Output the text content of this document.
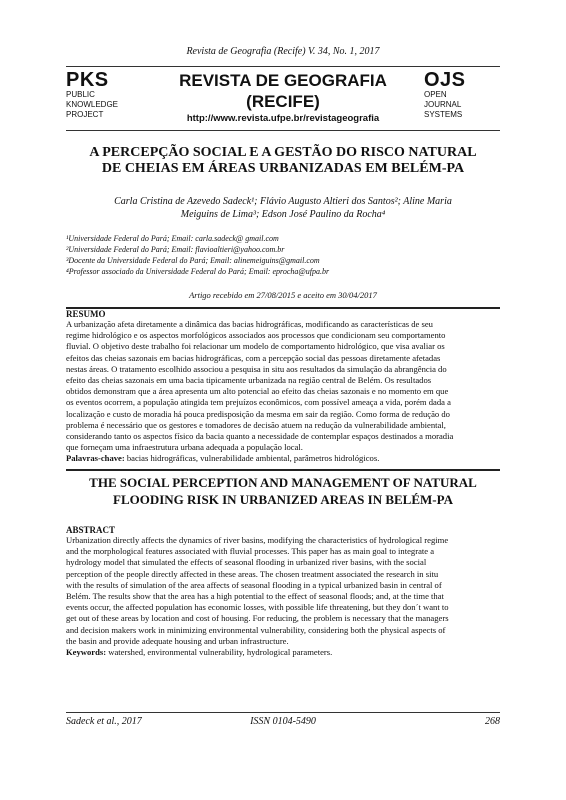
Revista de Geografia (Recife) V. 34, No. 1, 2017
PKS
PUBLIC
KNOWLEDGE
PROJECT
REVISTA DE GEOGRAFIA
(RECIFE)
http://www.revista.ufpe.br/revistageografia
OJS
OPEN
JOURNAL
SYSTEMS
A PERCEPÇÃO SOCIAL E A GESTÃO DO RISCO NATURAL
DE CHEIAS EM ÁREAS URBANIZADAS EM BELÉM-PA
Carla Cristina de Azevedo Sadeck¹; Flávio Augusto Altieri dos Santos²; Aline Maria
Meiguins de Lima³; Edson José Paulino da Rocha⁴
¹Universidade Federal do Pará; Email: carla.sadeck@ gmail.com
²Universidade Federal do Pará; Email: flavioaltieri@yahoo.com.br
³Docente da Universidade Federal do Pará; Email: alinemeiguins@gmail.com
⁴Professor associado da Universidade Federal do Pará; Email: eprocha@ufpa.br
Artigo recebido em 27/08/2015 e aceito em 30/04/2017
RESUMO
A urbanização afeta diretamente a dinâmica das bacias hidrográficas, modificando as características de seu
regime hidrológico e os aspectos morfológicos associados aos processos que condicionam seu comportamento
fluvial. O objetivo deste trabalho foi relacionar um modelo de comportamento hidrológico, que visa avaliar os
efeitos das cheias sazonais em bacias hidrográficas, com a percepção social das pessoas diretamente afetadas
nestas áreas. O tratamento escolhido associou a pesquisa in situ aos resultados da simulação da abrangência do
efeito das cheias sazonais em uma bacia tipicamente urbanizada na região central de Belém. Os resultados
obtidos demonstram que a área apresenta um alto potencial ao efeito das cheias sazonais e no momento em que
os eventos ocorrem, a população atingida tem prejuízos econômicos, com possível ameaça a vida, porém dada a
localização e custo de moradia há pouca predisposição da mesma em sair da região. Como forma de redução do
problema é necessário que os gestores e tomadores de decisão atuem na redução da vulnerabilidade ambiental,
considerando tanto os aspectos físico da bacia quanto a necessidade de contemplar espaços destinados a moradia
que forneçam uma infraestrutura urbana adequada a população local.
Palavras-chave: bacias hidrográficas, vulnerabilidade ambiental, parâmetros hidrológicos.
THE SOCIAL PERCEPTION AND MANAGEMENT OF NATURAL
FLOODING RISK IN URBANIZED AREAS IN BELÉM-PA
ABSTRACT
Urbanization directly affects the dynamics of river basins, modifying the characteristics of hydrological regime
and the morphological features associated with fluvial processes. This paper has as main goal to integrate a
hydrology model that simulated the effects of seasonal flooding in urbanized river basins, with the social
perception of the people directly affected in these areas. The chosen treatment associated the research in situ
with the results of simulation of the area affects of seasonal flooding in a typical urbanized basin in central of
Belém. The results show that the area has a high potential to the effect of seasonal floods; and, at the time that
events occur, the affected population has economic losses, with possible life threatening, but they don´t want to
get out of these areas by location and cost of housing. For reducing, the problem is necessary that the managers
and decision makers work in minimizing environmental vulnerability, considering both the physical aspects of
the basin and provide adequate housing and urban infrastructure.
Keywords: watershed, environmental vulnerability, hydrological parameters.
Sadeck et al., 2017	ISSN 0104-5490	268
